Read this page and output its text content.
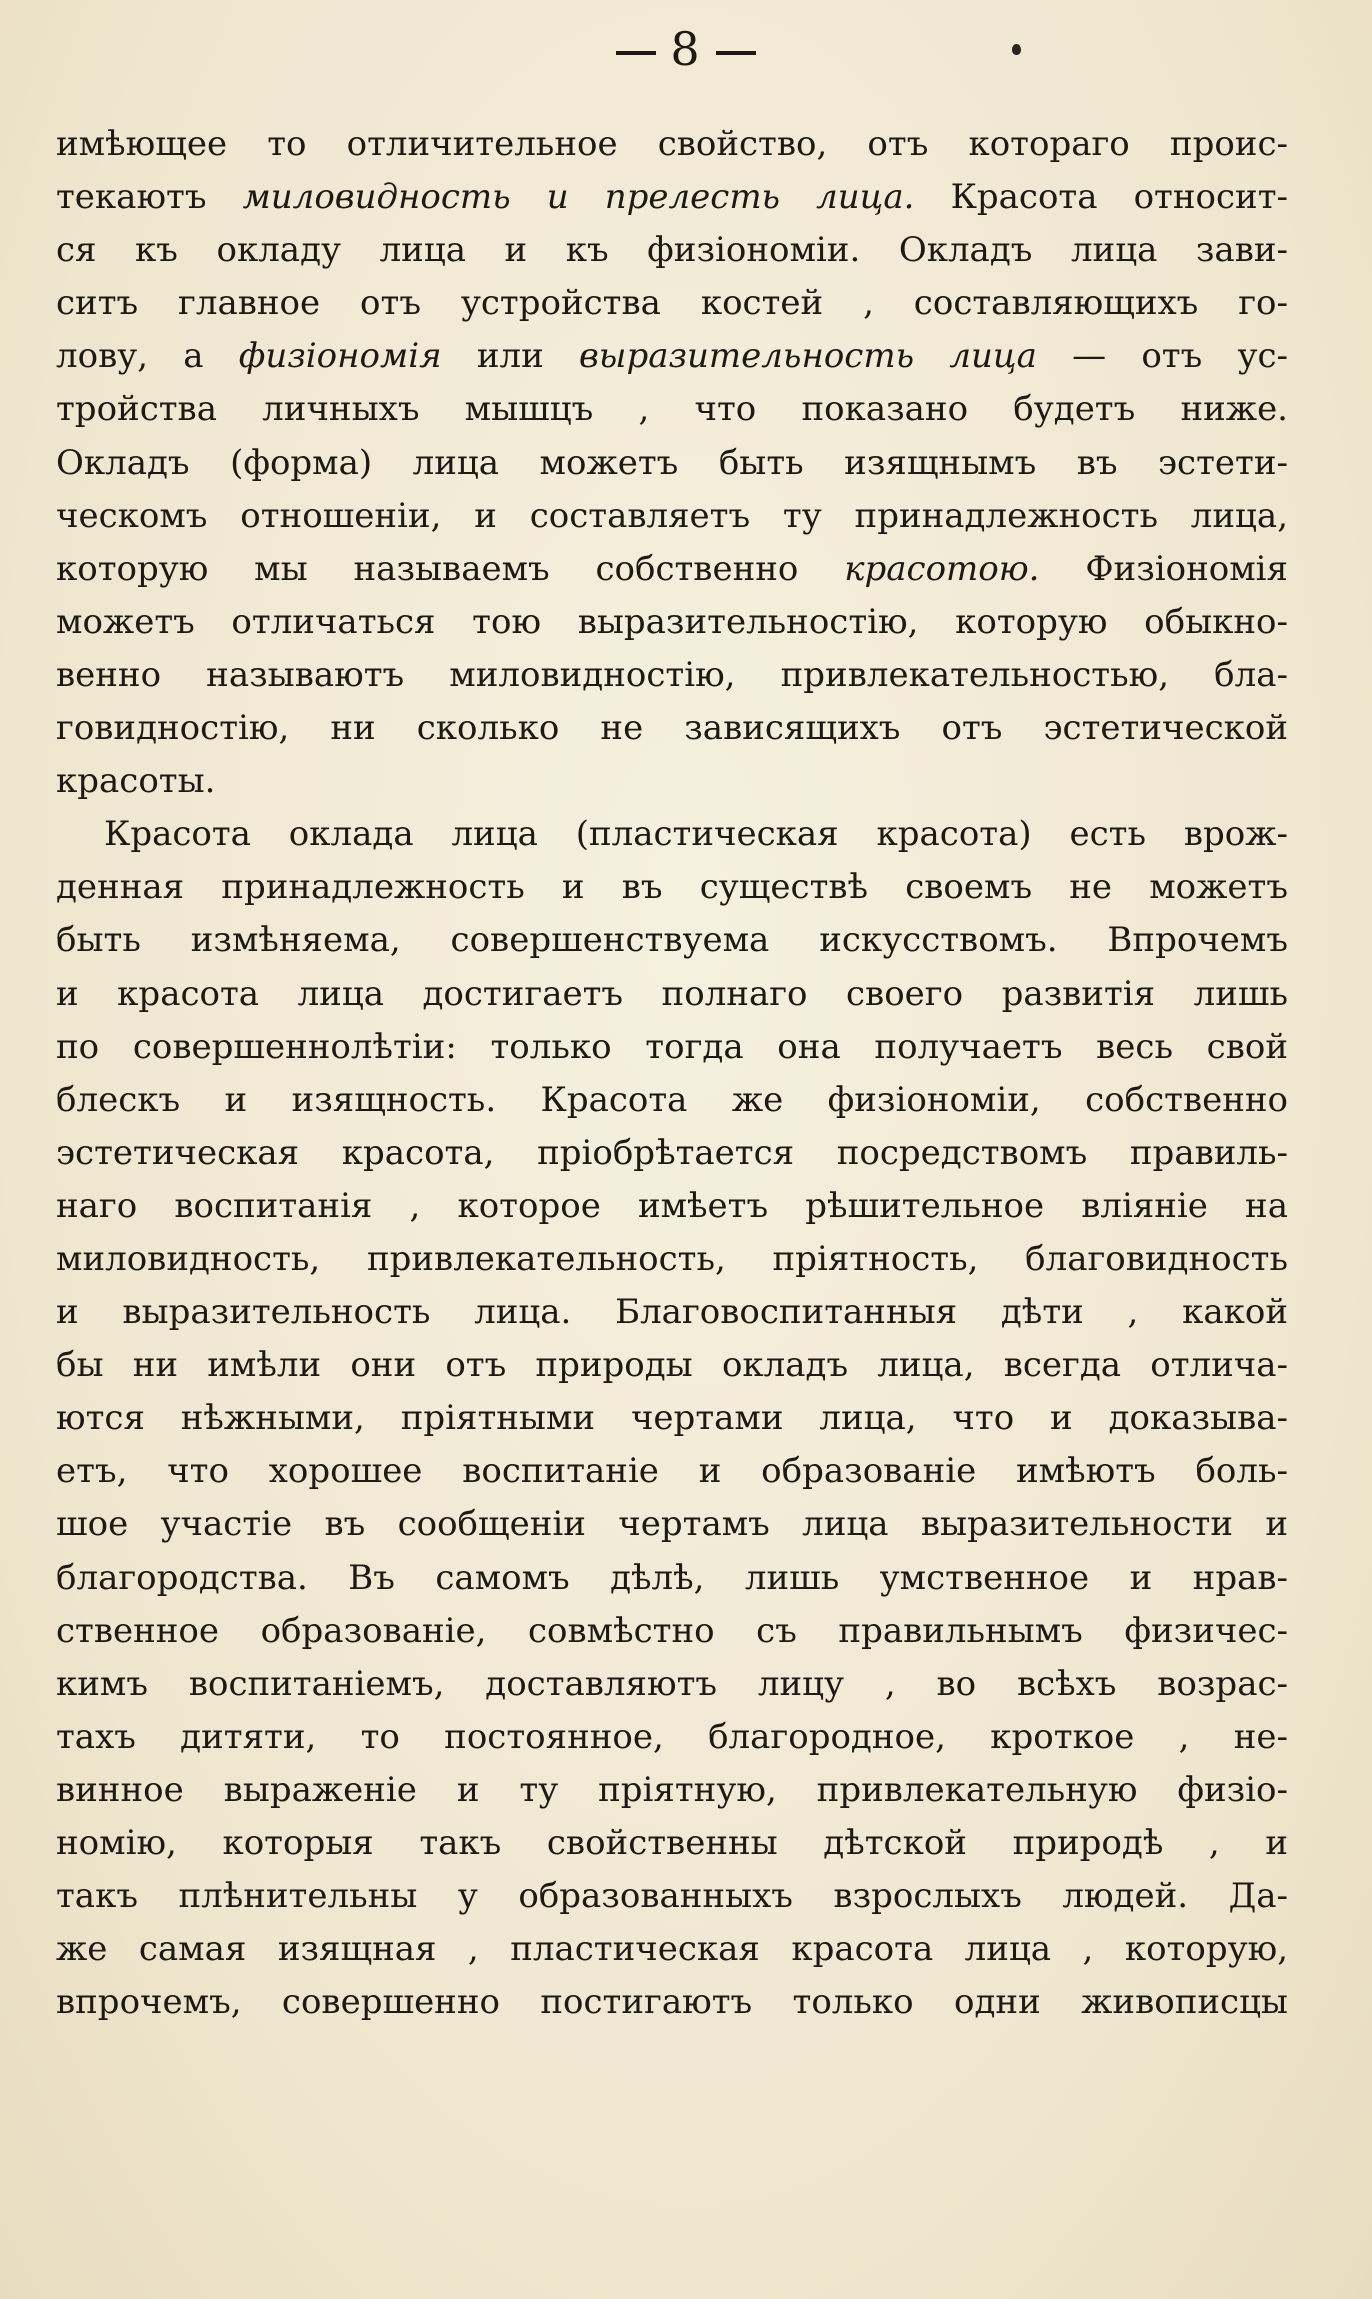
8
имѣющее то отличительное свойство, отъ котораго проис-
текаютъ миловидность и прелесть лица. Красота относит-
ся къ окладу лица и къ физіономіи. Окладъ лица зави-
ситъ главное отъ устройства костей , составляющихъ го-
лову, а физіономія или выразительность лица — отъ ус-
тройства личныхъ мышцъ , что показано будетъ ниже.
Окладъ (форма) лица можетъ быть изящнымъ въ эстети-
ческомъ отношеніи, и составляетъ ту принадлежность лица,
которую мы называемъ собственно красотою. Физіономія
можетъ отличаться тою выразительностію, которую обыкно-
венно называютъ миловидностію, привлекательностью, бла-
говидностію, ни сколько не зависящихъ отъ эстетической
красоты.
Красота оклада лица (пластическая красота) есть врож-
денная принадлежность и въ существѣ своемъ не можетъ
быть измѣняема, совершенствуема искусствомъ. Впрочемъ
и красота лица достигаетъ полнаго своего развитія лишь
по совершеннолѣтіи: только тогда она получаетъ весь свой
блескъ и изящность. Красота же физіономіи, собственно
эстетическая красота, пріобрѣтается посредствомъ правиль-
наго воспитанія , которое имѣетъ рѣшительное вліяніе на
миловидность, привлекательность, пріятность, благовидность
и выразительность лица. Благовоспитанныя дѣти , какой
бы ни имѣли они отъ природы окладъ лица, всегда отлича-
ются нѣжными, пріятными чертами лица, что и доказыва-
етъ, что хорошее воспитаніе и образованіе имѣютъ боль-
шое участіе въ сообщеніи чертамъ лица выразительности и
благородства. Въ самомъ дѣлѣ, лишь умственное и нрав-
ственное образованіе, совмѣстно съ правильнымъ физичес-
кимъ воспитаніемъ, доставляютъ лицу , во всѣхъ возрас-
тахъ дитяти, то постоянное, благородное, кроткое , не-
винное выраженіе и ту пріятную, привлекательную физіо-
номію, которыя такъ свойственны дѣтской природѣ , и
такъ плѣнительны у образованныхъ взрослыхъ людей. Да-
же самая изящная , пластическая красота лица , которую,
впрочемъ, совершенно постигаютъ только одни живописцы
